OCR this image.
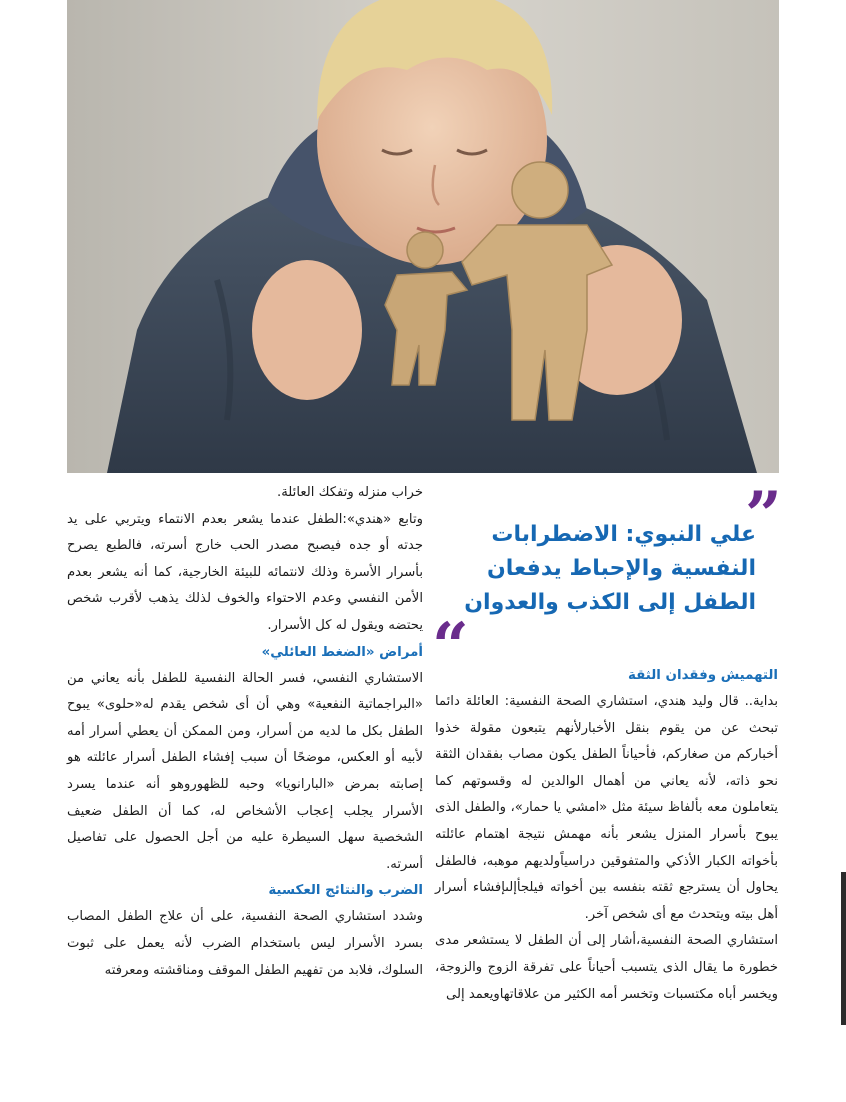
”
علي النبوي: الاضطرابات النفسية والإحباط يدفعان الطفل إلى الكذب والعدوان
“	التهميش وفقدان الثقة

بداية.. قال وليد هندي، استشاري الصحة النفسية: العائلة دائما تبحث عن من يقوم بنقل الأخبارلأنهم يتبعون مقولة خذوا أخباركم من صغاركم، فأحياناً الطفل يكون مصاب بفقدان الثقة نحو ذاته، لأنه يعاني من أهمال الوالدين له وقسوتهم كما يتعاملون معه بألفاظ سيئة مثل «امشي يا حمار»، والطفل الذى يبوح بأسرار المنزل يشعر بأنه مهمش نتيجة اهتمام عائلته بأخواته الكبار الأذكي والمتفوقين دراسياًولديهم موهبه، فالطفل يحاول أن يسترجع ثقته بنفسه بين أخواته فيلجأإلىإفشاء أسرار أهل بيته ويتحدث مع أى شخص آخر.

استشاري الصحة النفسية،أشار إلى أن الطفل لا يستشعر مدى خطورة ما يقال الذى يتسبب أحياناً على تفرقة الزوج والزوجة، ويخسر أباه مكتسبات وتخسر أمه الكثير من علاقاتهاويعمد إلى

خراب منزله وتفكك العائلة.

وتابع «هندي»:الطفل عندما يشعر بعدم الانتماء ويتربي على يد جدته أو جده فيصبح مصدر الحب خارج أسرته، فالطبع يصرح بأسرار الأسرة وذلك لانتمائه للبيئة الخارجية، كما أنه يشعر بعدم الأمن النفسي وعدم الاحتواء والخوف لذلك يذهب لأقرب شخص يحتضه ويقول له كل الأسرار.

أمراض «الضغط العائلي»

الاستشاري النفسي، فسر الحالة النفسية للطفل بأنه يعاني من «البراجماتية النفعية» وهي أن أى شخص يقدم له«حلوى» يبوح الطفل بكل ما لديه من أسرار، ومن الممكن أن يعطي أسرار أمه لأبيه أو العكس، موضحًا أن سبب إفشاء الطفل أسرار عائلته هو إصابته بمرض «البارانويا» وحبه للظهوروهو أنه عندما يسرد الأسرار يجلب إعجاب الأشخاص له، كما أن الطفل ضعيف الشخصية سهل السيطرة عليه من أجل الحصول على تفاصيل أسرته.

الضرب والنتائج العكسية

وشدد استشاري الصحة النفسية، على أن علاج الطفل المصاب بسرد الأسرار ليس باستخدام الضرب لأنه يعمل على ثبوت السلوك، فلابد من تفهيم الطفل الموقف ومناقشته ومعرفته
